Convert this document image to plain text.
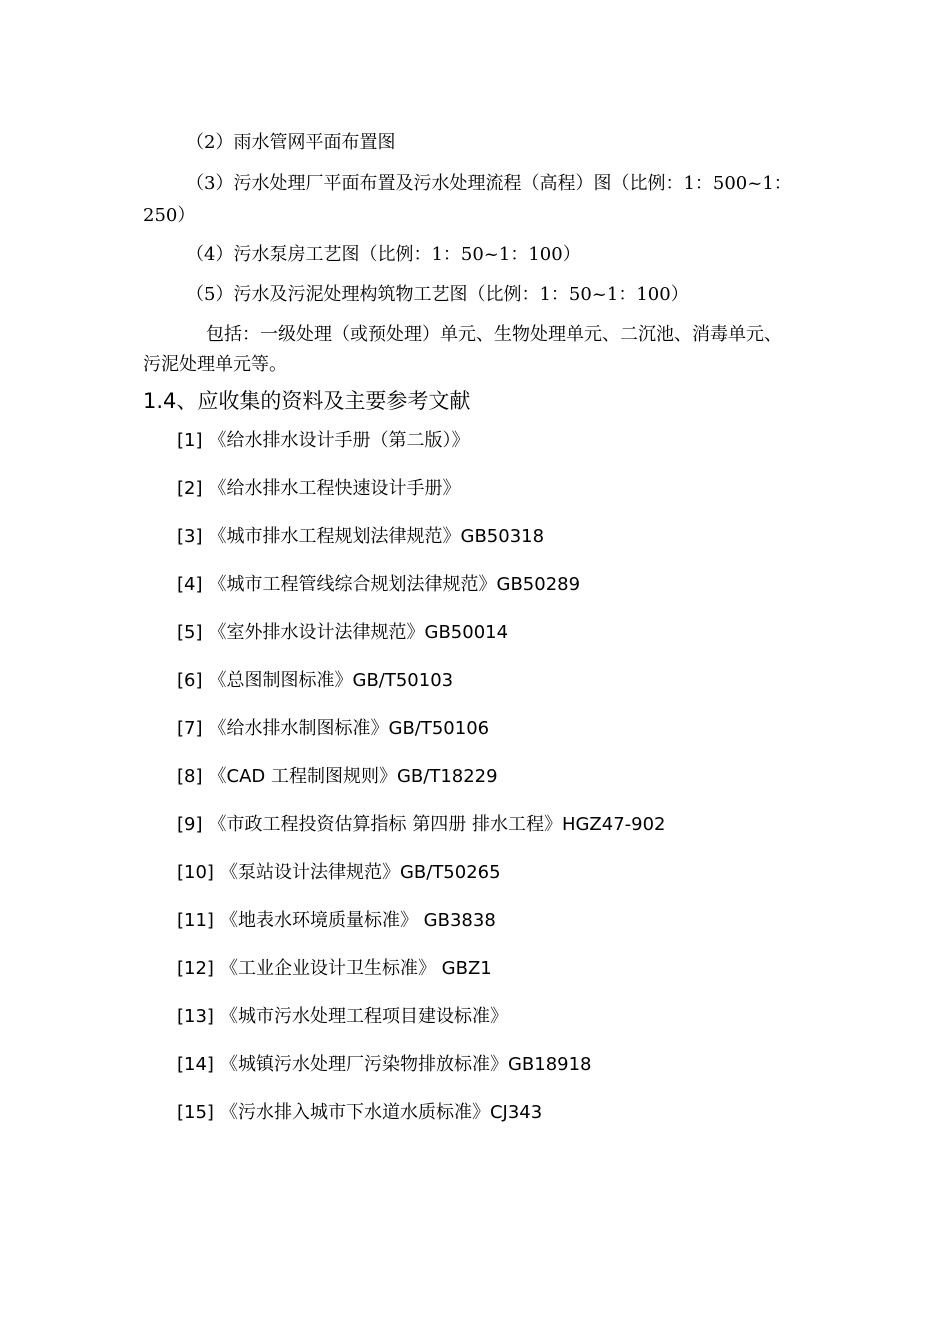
（2）雨水管网平面布置图
（3）污水处理厂平面布置及污水处理流程（高程）图（比例：1：500~1：
250）
（4）污水泵房工艺图（比例：1：50~1：100）
（5）污水及污泥处理构筑物工艺图（比例：1：50~1：100）
包括：一级处理（或预处理）单元、生物处理单元、二沉池、消毒单元、
污泥处理单元等。
1.4、应收集的资料及主要参考文献
[1] 《给水排水设计手册（第二版）》
[2] 《给水排水工程快速设计手册》
[3] 《城市排水工程规划法律规范》GB50318
[4] 《城市工程管线综合规划法律规范》GB50289
[5] 《室外排水设计法律规范》GB50014
[6] 《总图制图标准》GB/T50103
[7] 《给水排水制图标准》GB/T50106
[8] 《CAD 工程制图规则》GB/T18229
[9] 《市政工程投资估算指标 第四册 排水工程》HGZ47-902
[10] 《泵站设计法律规范》GB/T50265
[11] 《地表水环境质量标准》 GB3838
[12] 《工业企业设计卫生标准》 GBZ1
[13] 《城市污水处理工程项目建设标准》
[14] 《城镇污水处理厂污染物排放标准》GB18918
[15] 《污水排入城市下水道水质标准》CJ343
